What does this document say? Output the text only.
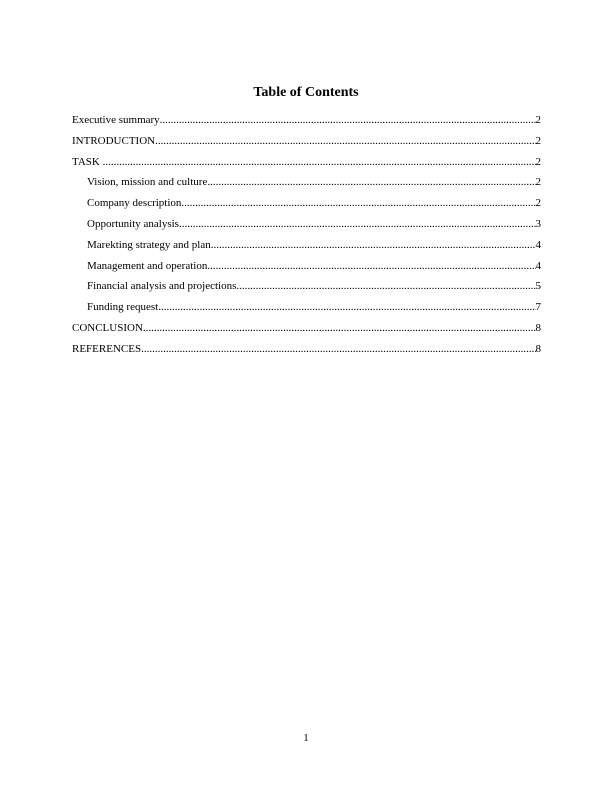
Table of Contents
Executive summary .....	2
INTRODUCTION .....	2
TASK .....	2
Vision, mission and culture .....	2
Company description .....	2
Opportunity analysis .....	3
Marekting strategy and plan .....	4
Management and operation .....	4
Financial analysis and projections .....	5
Funding request .....	7
CONCLUSION .....	8
REFERENCES .....	8
1
